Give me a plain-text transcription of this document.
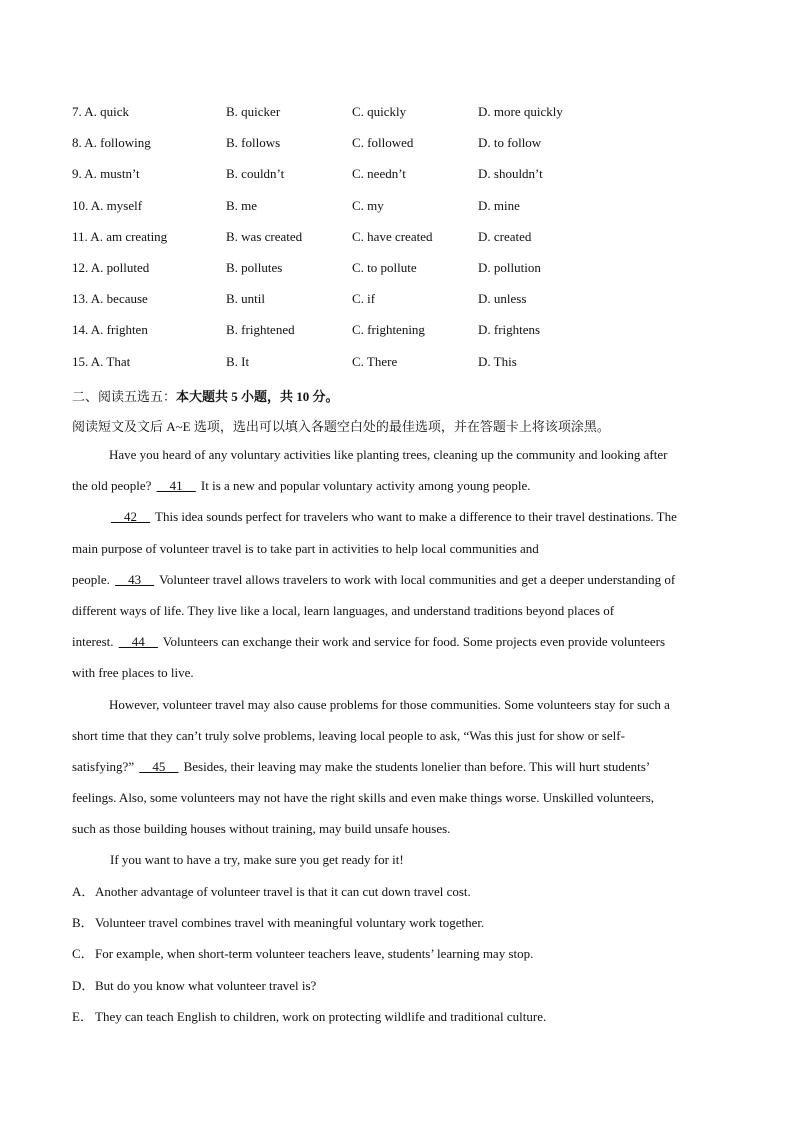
7. A. quick	B. quicker	C. quickly	D. more quickly
8. A. following	B. follows	C. followed	D. to follow
9. A. mustn’t	B. couldn’t	C. needn’t	D. shouldn’t
10. A. myself	B. me	C. my	D. mine
11. A. am creating	B. was created	C. have created	D. created
12. A. polluted	B. pollutes	C. to pollute	D. pollution
13. A. because	B. until	C. if	D. unless
14. A. frighten	B. frightened	C. frightening	D. frightens
15. A. That	B. It	C. There	D. This
二、阅读五选五：本大题共 5 小题，共 10 分。
阅读短文及文后 A~E 选项，选出可以填入各题空白处的最佳选项，并在答题卡上将该项涂黑。
Have you heard of any voluntary activities like planting trees, cleaning up the community and looking after
the old people? __41__ It is a new and popular voluntary activity among young people.
__42__ This idea sounds perfect for travelers who want to make a difference to their travel destinations. The
main purpose of volunteer travel is to take part in activities to help local communities and
people. __43__ Volunteer travel allows travelers to work with local communities and get a deeper understanding of
different ways of life. They live like a local, learn languages, and understand traditions beyond places of
interest. __44__ Volunteers can exchange their work and service for food. Some projects even provide volunteers
with free places to live.
However, volunteer travel may also cause problems for those communities. Some volunteers stay for such a
short time that they can’t truly solve problems, leaving local people to ask, “Was this just for show or self-
satisfying?” __45__ Besides, their leaving may make the students lonelier than before. This will hurt students’
feelings. Also, some volunteers may not have the right skills and even make things worse. Unskilled volunteers,
such as those building houses without training, may build unsafe houses.
If you want to have a try, make sure you get ready for it!
A．Another advantage of volunteer travel is that it can cut down travel cost.
B．Volunteer travel combines travel with meaningful voluntary work together.
C．For example, when short-term volunteer teachers leave, students’ learning may stop.
D．But do you know what volunteer travel is?
E． They can teach English to children, work on protecting wildlife and traditional culture.
